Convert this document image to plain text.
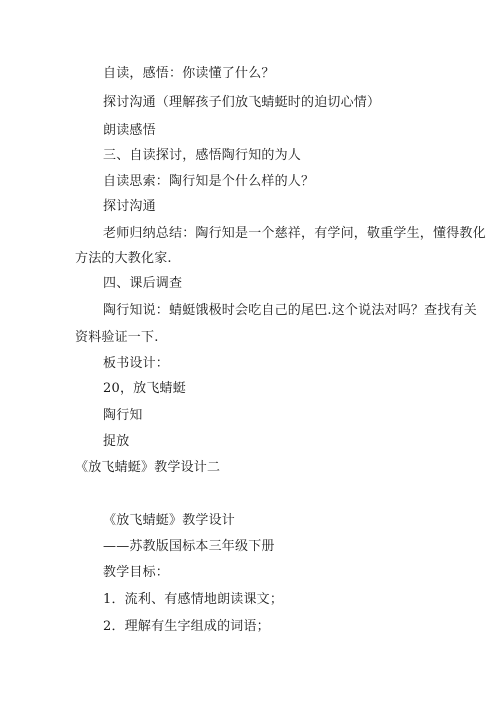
自读，感悟：你读懂了什么？
探讨沟通（理解孩子们放飞蜻蜓时的迫切心情）
朗读感悟
三、自读探讨，感悟陶行知的为人
自读思索：陶行知是个什么样的人？
探讨沟通
老师归纳总结：陶行知是一个慈祥，有学问，敬重学生，懂得教化
方法的大教化家.
四、课后调查
陶行知说：蜻蜓饿极时会吃自己的尾巴.这个说法对吗？查找有关
资料验证一下.
板书设计：
20，放飞蜻蜓
陶行知
捉放
《放飞蜻蜓》教学设计二
《放飞蜻蜓》教学设计
——苏教版国标本三年级下册
教学目标：
1．流利、有感情地朗读课文；
2．理解有生字组成的词语；
